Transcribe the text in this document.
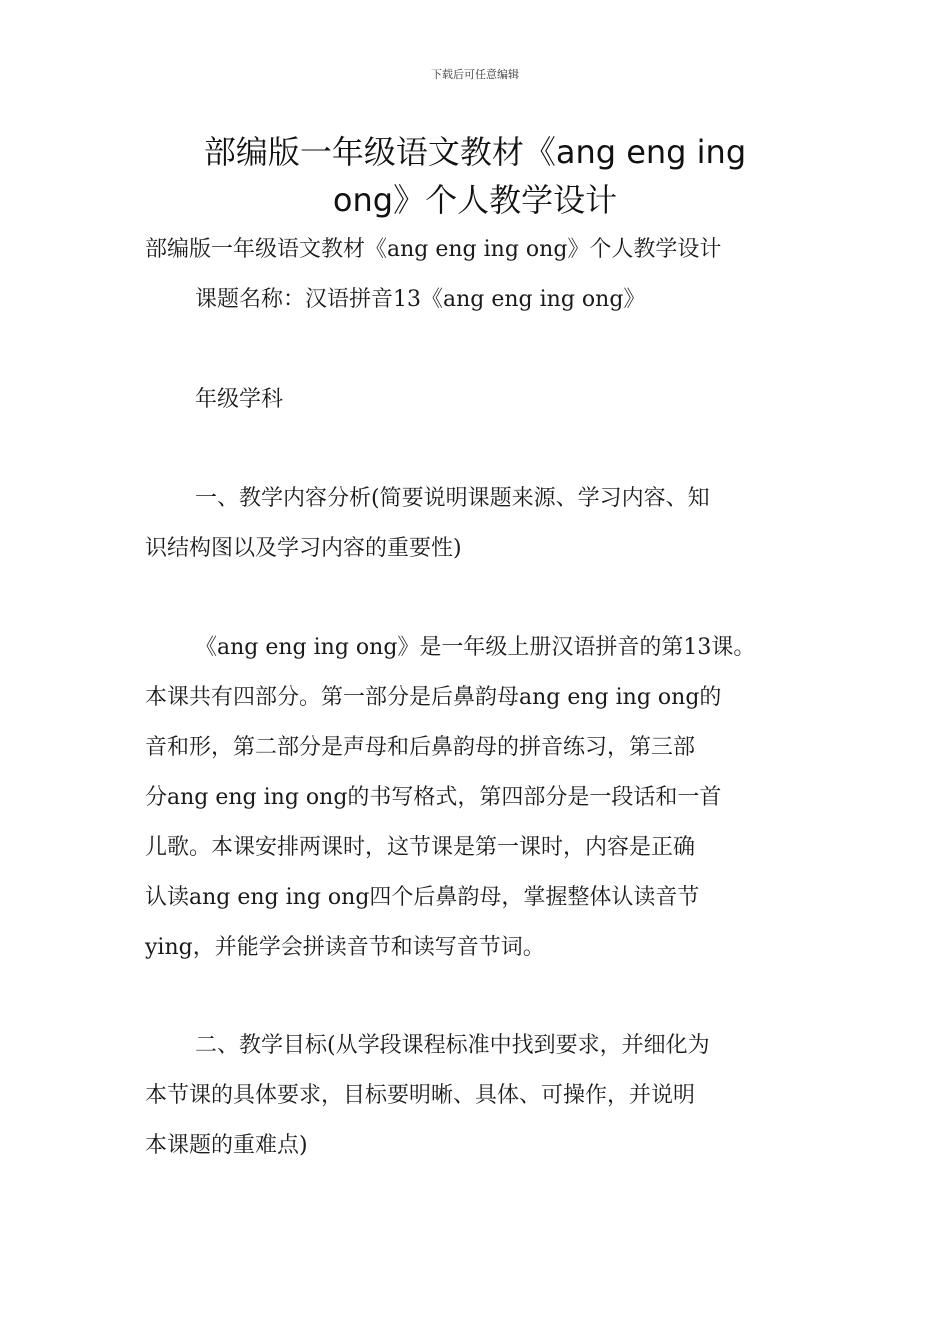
下载后可任意编辑
部编版一年级语文教材《ang eng ing
ong》个人教学设计
部编版一年级语文教材《ang eng ing ong》个人教学设计
课题名称：汉语拼音13《ang eng ing ong》
年级学科
一、教学内容分析(简要说明课题来源、学习内容、知
识结构图以及学习内容的重要性)
《ang eng ing ong》是一年级上册汉语拼音的第13课。
本课共有四部分。第一部分是后鼻韵母ang eng ing ong的
音和形，第二部分是声母和后鼻韵母的拼音练习，第三部
分ang eng ing ong的书写格式，第四部分是一段话和一首
儿歌。本课安排两课时，这节课是第一课时，内容是正确
认读ang eng ing ong四个后鼻韵母，掌握整体认读音节
ying，并能学会拼读音节和读写音节词。
二、教学目标(从学段课程标准中找到要求，并细化为
本节课的具体要求，目标要明晰、具体、可操作，并说明
本课题的重难点)
